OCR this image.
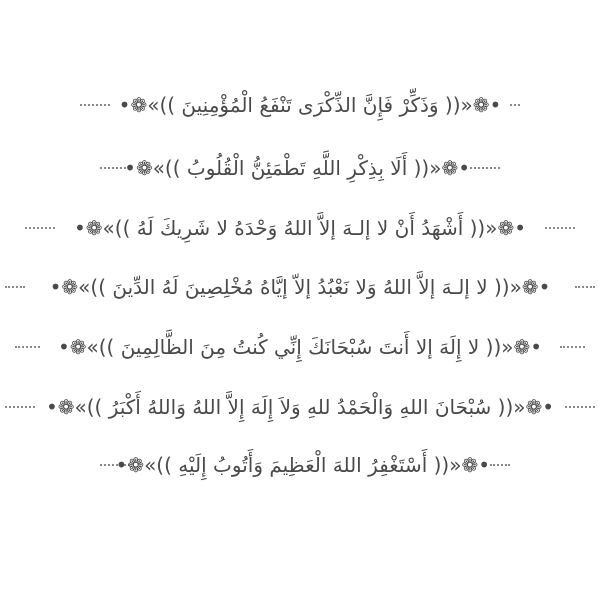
•❁«(( وَذَكِّرْ فَإِنَّ الذِّكْرَى تَنْفَعُ الْمُؤْمِنِينَ ))»❁•
•❁«(( أَلَا بِذِكْرِ اللَّهِ تَطْمَئِنُّ الْقُلُوبُ ))»❁•
•❁«(( أَشْهَدُ أَنْ لا إلـهَ إلاَّ اللهُ وَحْدَهُ لا شَرِيكَ لَهُ ))»❁•
•❁«(( لا إلـهَ إلاَّ اللهُ وَلا نَعْبُدُ إلاّ إيَّاهُ مُخْلِصِينَ لَهُ الدِّينَ ))»❁•
•❁«(( لا إِلَهَ إلا أَنتَ سُبْحَانَكَ إِنِّي كُنتُ مِنَ الظَّالِمِينَ ))»❁•
•❁«(( سُبْحَانَ اللهِ وَالْحَمْدُ للهِ وَلاَ إِلَهَ إِلاَّ اللهُ وَاللهُ أَكْبَرُ ))»❁•
•❁«(( أَسْتَغْفِرُ اللهَ الْعَظِيمَ وَأَتُوبُ إِلَيْهِ ))»❁•
